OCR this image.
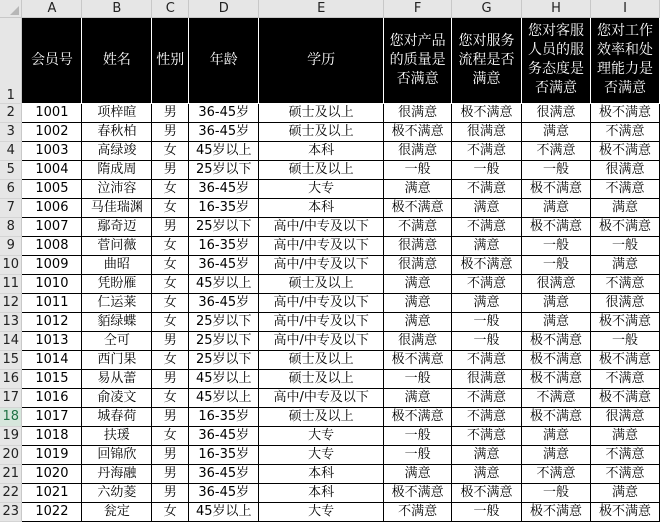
	A	B	C	D	E	F	G	H	I
1	会员号	姓名	性别	年龄	学历	您对产品的质量是否满意	您对服务流程是否满意	您对客服人员的服务态度是否满意	您对工作效率和处理能力是否满意
2	1001	项梓暄	男	36-45岁	硕士及以上	很满意	极不满意	很满意	极不满意
3	1002	春秋柏	男	36-45岁	硕士及以上	极不满意	很满意	满意	不满意
4	1003	高绿竣	女	45岁以上	本科	很满意	不满意	不满意	极不满意
5	1004	隋成周	男	25岁以下	硕士及以上	一般	一般	一般	很满意
6	1005	泣沛容	女	36-45岁	大专	满意	不满意	极不满意	不满意
7	1006	马佳瑞渊	女	16-35岁	本科	极不满意	满意	满意	满意
8	1007	鄢奇迈	男	25岁以下	高中/中专及以下	不满意	不满意	极不满意	极不满意
9	1008	菅问薇	女	16-35岁	高中/中专及以下	很满意	满意	一般	一般
10	1009	曲昭	女	36-45岁	高中/中专及以下	很满意	极不满意	一般	满意
11	1010	凭盼雁	女	45岁以上	硕士及以上	满意	不满意	很满意	不满意
12	1011	仁运莱	女	36-45岁	高中/中专及以下	满意	满意	满意	很满意
13	1012	貊绿蝶	女	25岁以下	高中/中专及以下	满意	一般	满意	极不满意
14	1013	仝可	男	25岁以下	高中/中专及以下	很满意	一般	极不满意	一般
15	1014	西门果	女	25岁以下	硕士及以上	极不满意	不满意	极不满意	极不满意
16	1015	易从蕾	男	45岁以上	硕士及以上	一般	很满意	极不满意	不满意
17	1016	俞凌文	女	45岁以上	高中/中专及以下	满意	不满意	不满意	极不满意
18	1017	城春荷	男	16-35岁	硕士及以上	极不满意	不满意	极不满意	很满意
19	1018	扶瑗	女	36-45岁	大专	一般	不满意	满意	满意
20	1019	回锦欣	男	16-35岁	大专	一般	满意	满意	不满意
21	1020	丹海融	男	36-45岁	本科	满意	满意	不满意	不满意
22	1021	六幼菱	男	36-45岁	本科	极不满意	极不满意	一般	满意
23	1022	瓮定	女	45岁以上	大专	不满意	一般	极不满意	极不满意
